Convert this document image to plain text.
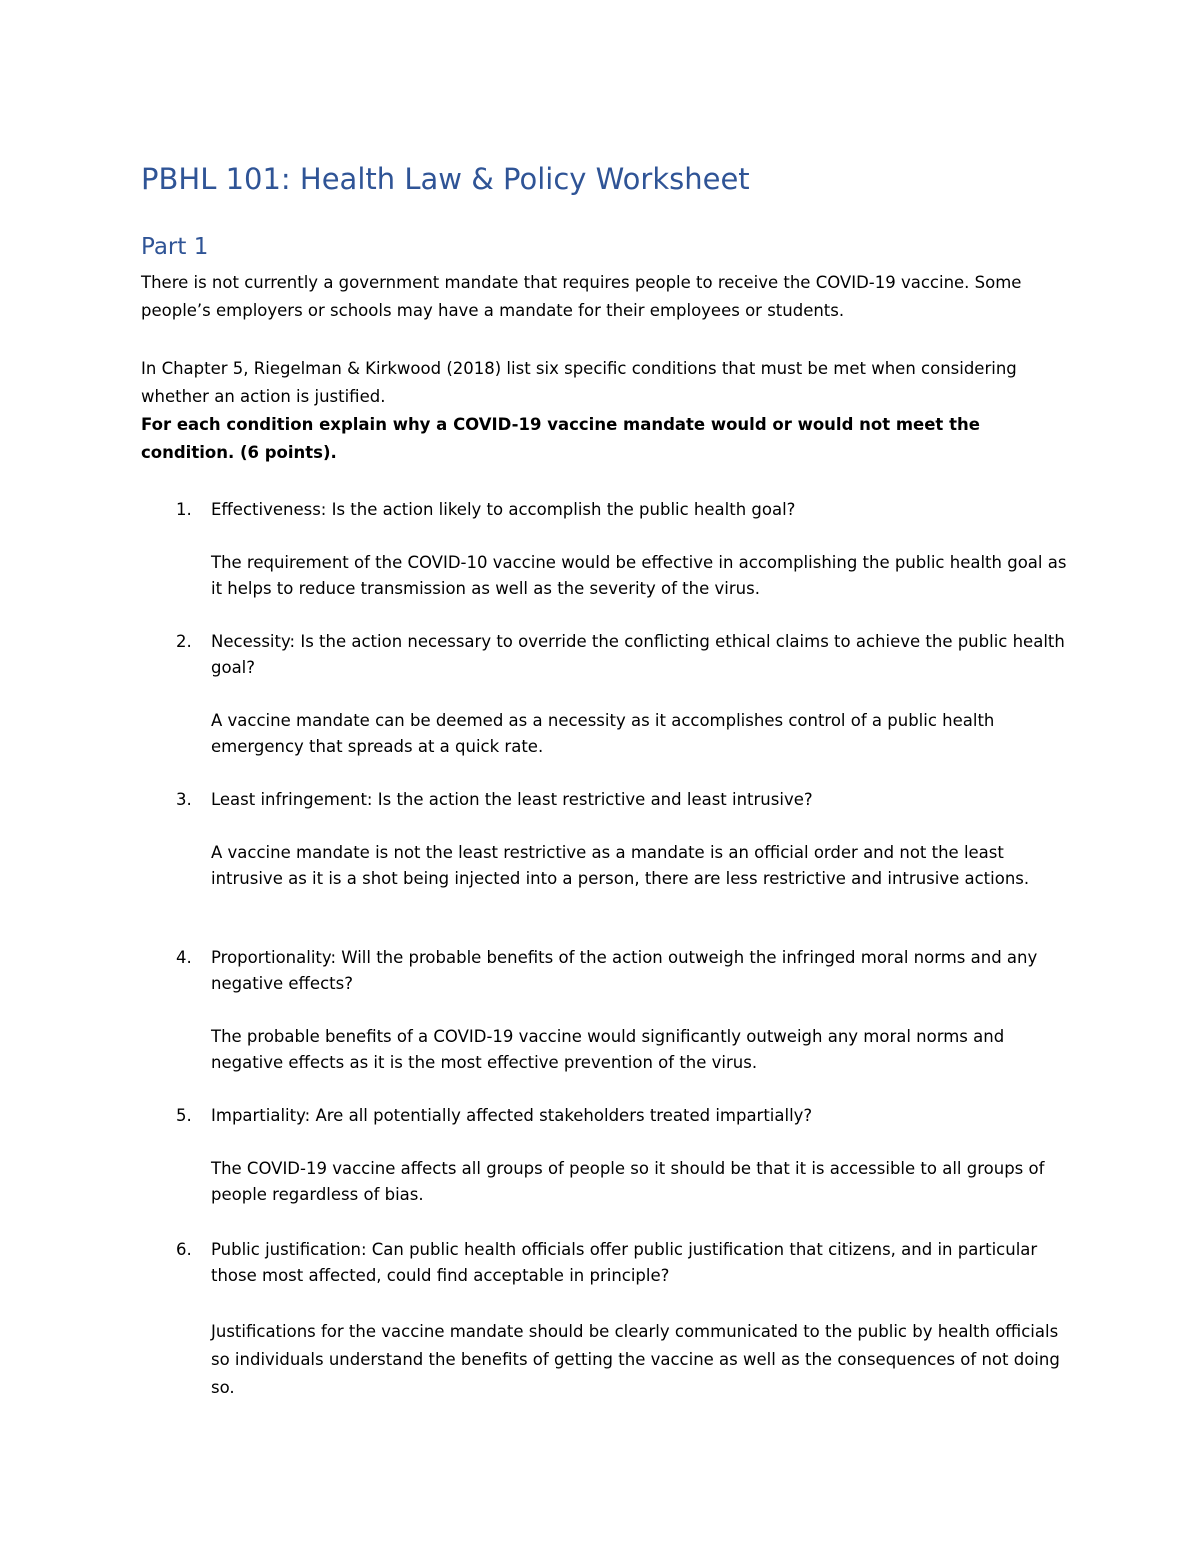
PBHL 101: Health Law & Policy Worksheet
Part 1

There is not currently a government mandate that requires people to receive the COVID-19 vaccine. Some people’s employers or schools may have a mandate for their employees or students.

In Chapter 5, Riegelman & Kirkwood (2018) list six specific conditions that must be met when considering whether an action is justified.

For each condition explain why a COVID-19 vaccine mandate would or would not meet the condition. (6 points).

1. Effectiveness: Is the action likely to accomplish the public health goal?

The requirement of the COVID-10 vaccine would be effective in accomplishing the public health goal as it helps to reduce transmission as well as the severity of the virus.

2. Necessity: Is the action necessary to override the conflicting ethical claims to achieve the public health goal?

A vaccine mandate can be deemed as a necessity as it accomplishes control of a public health emergency that spreads at a quick rate.

3. Least infringement: Is the action the least restrictive and least intrusive?

A vaccine mandate is not the least restrictive as a mandate is an official order and not the least intrusive as it is a shot being injected into a person, there are less restrictive and intrusive actions.

4. Proportionality: Will the probable benefits of the action outweigh the infringed moral norms and any negative effects?

The probable benefits of a COVID-19 vaccine would significantly outweigh any moral norms and negative effects as it is the most effective prevention of the virus.

5. Impartiality: Are all potentially affected stakeholders treated impartially?

The COVID-19 vaccine affects all groups of people so it should be that it is accessible to all groups of people regardless of bias.

6. Public justification: Can public health officials offer public justification that citizens, and in particular those most affected, could find acceptable in principle?

Justifications for the vaccine mandate should be clearly communicated to the public by health officials so individuals understand the benefits of getting the vaccine as well as the consequences of not doing so.
